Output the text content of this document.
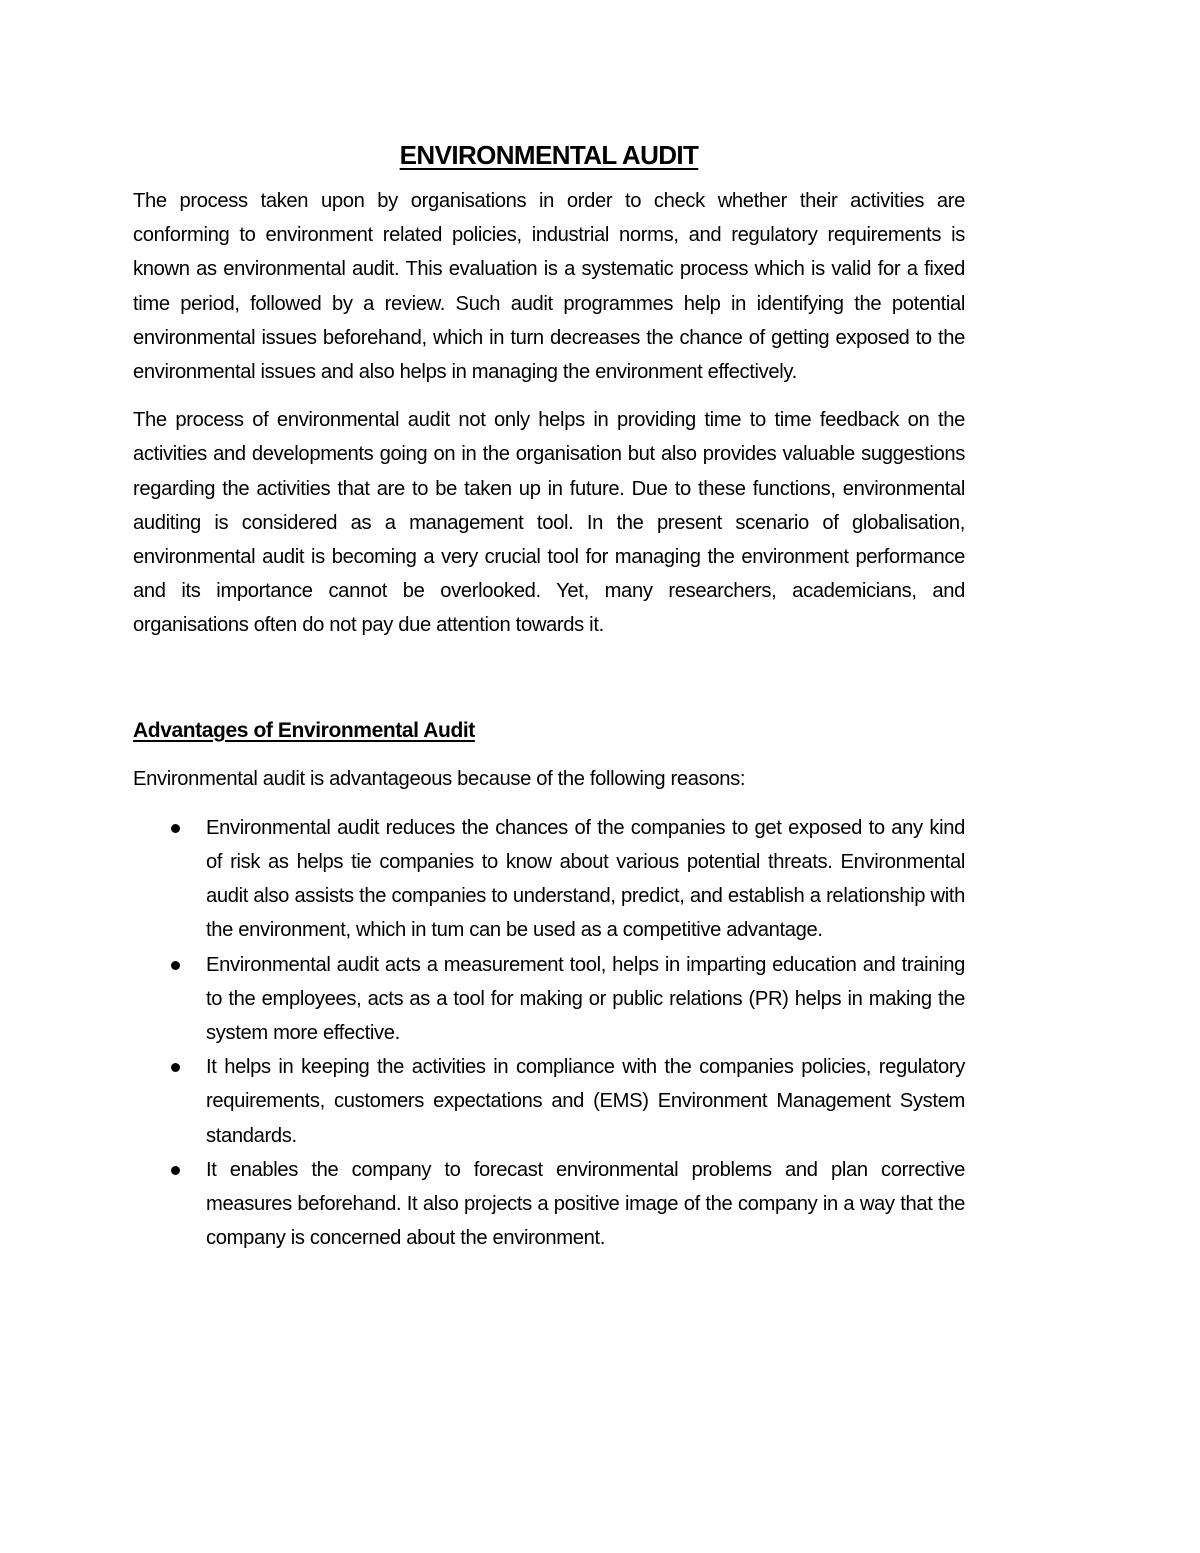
ENVIRONMENTAL AUDIT

The process taken upon by organisations in order to check whether their activities are conforming to environment related policies, industrial norms, and regulatory requirements is known as environmental audit. This evaluation is a systematic process which is valid for a fixed time period, followed by a review. Such audit programmes help in identifying the potential environmental issues beforehand, which in turn decreases the chance of getting exposed to the environmental issues and also helps in managing the environment effectively.

The process of environmental audit not only helps in providing time to time feedback on the activities and developments going on in the organisation but also provides valuable suggestions regarding the activities that are to be taken up in future. Due to these functions, environmental auditing is considered as a management tool. In the present scenario of globalisation, environmental audit is becoming a very crucial tool for managing the environment performance and its importance cannot be overlooked. Yet, many researchers, academicians, and organisations often do not pay due attention towards it.

Advantages of Environmental Audit

Environmental audit is advantageous because of the following reasons:

Environmental audit reduces the chances of the companies to get exposed to any kind of risk as helps tie companies to know about various potential threats. Environmental audit also assists the companies to understand, predict, and establish a relationship with the environment, which in tum can be used as a competitive advantage.

Environmental audit acts a measurement tool, helps in imparting education and training to the employees, acts as a tool for making or public relations (PR) helps in making the system more effective.

It helps in keeping the activities in compliance with the companies policies, regulatory requirements, customers expectations and (EMS) Environment Management System standards.

It enables the company to forecast environmental problems and plan corrective measures beforehand. It also projects a positive image of the company in a way that the company is concerned about the environment.
